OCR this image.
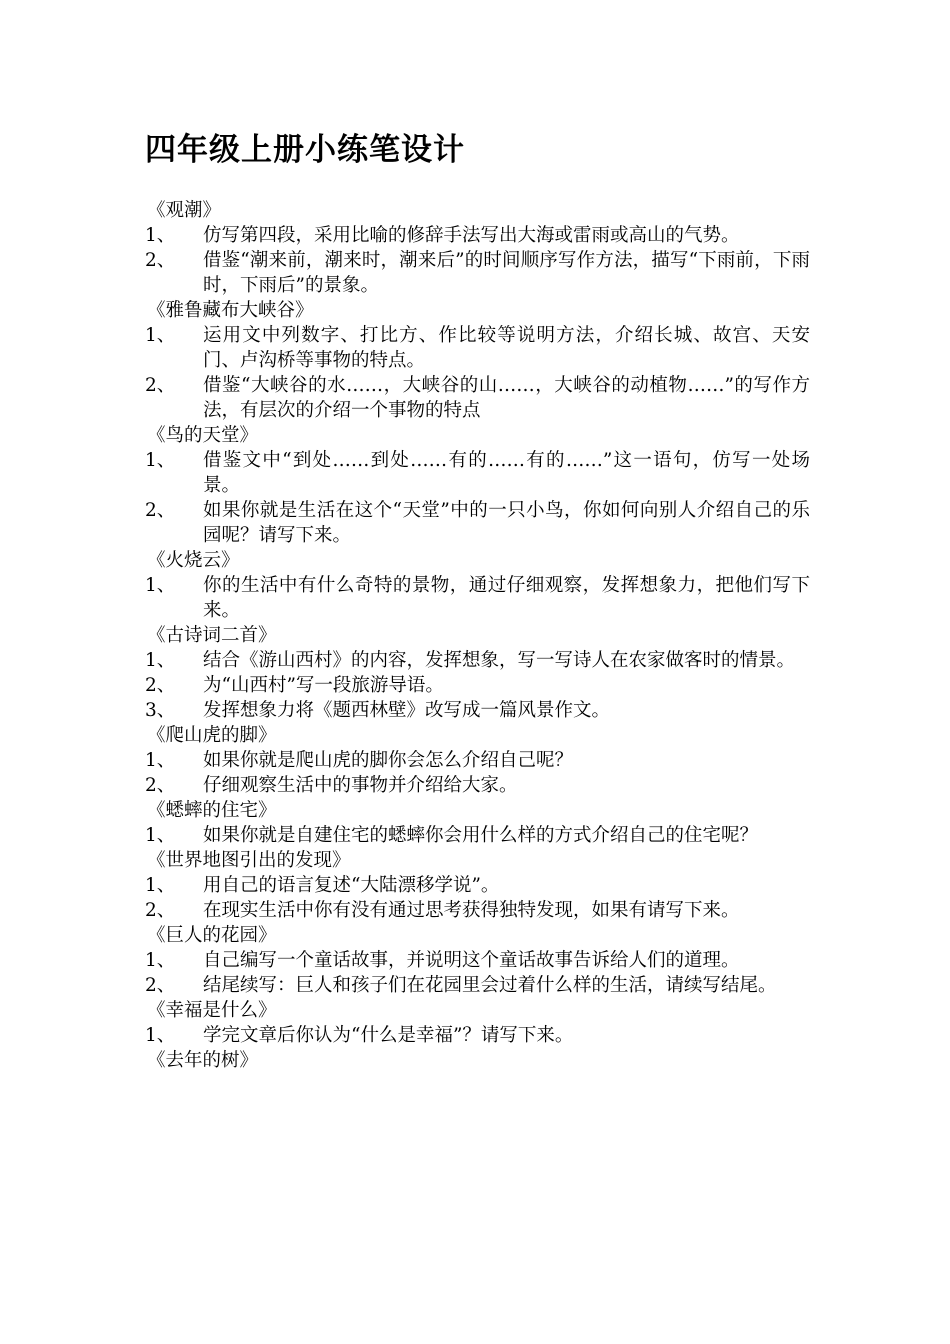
四年级上册小练笔设计
《观潮》
1、	仿写第四段，采用比喻的修辞手法写出大海或雷雨或高山的气势。
2、	借鉴“潮来前，潮来时，潮来后”的时间顺序写作方法，描写“下雨前，下雨时，下雨后”的景象。
《雅鲁藏布大峡谷》
1、	运用文中列数字、打比方、作比较等说明方法，介绍长城、故宫、天安门、卢沟桥等事物的特点。
2、	借鉴“大峡谷的水……，大峡谷的山……，大峡谷的动植物……”的写作方法，有层次的介绍一个事物的特点
《鸟的天堂》
1、	借鉴文中“到处……到处……有的……有的……”这一语句，仿写一处场景。
2、	如果你就是生活在这个“天堂”中的一只小鸟，你如何向别人介绍自己的乐园呢？请写下来。
《火烧云》
1、	你的生活中有什么奇特的景物，通过仔细观察，发挥想象力，把他们写下来。
《古诗词二首》
1、	结合《游山西村》的内容，发挥想象，写一写诗人在农家做客时的情景。
2、	为“山西村”写一段旅游导语。
3、	发挥想象力将《题西林壁》改写成一篇风景作文。
《爬山虎的脚》
1、	如果你就是爬山虎的脚你会怎么介绍自己呢？
2、	仔细观察生活中的事物并介绍给大家。
《蟋蟀的住宅》
1、	如果你就是自建住宅的蟋蟀你会用什么样的方式介绍自己的住宅呢？
《世界地图引出的发现》
1、	用自己的语言复述“大陆漂移学说”。
2、	在现实生活中你有没有通过思考获得独特发现，如果有请写下来。
《巨人的花园》
1、	自己编写一个童话故事，并说明这个童话故事告诉给人们的道理。
2、	结尾续写：巨人和孩子们在花园里会过着什么样的生活，请续写结尾。
《幸福是什么》
1、	学完文章后你认为“什么是幸福”？请写下来。
《去年的树》
